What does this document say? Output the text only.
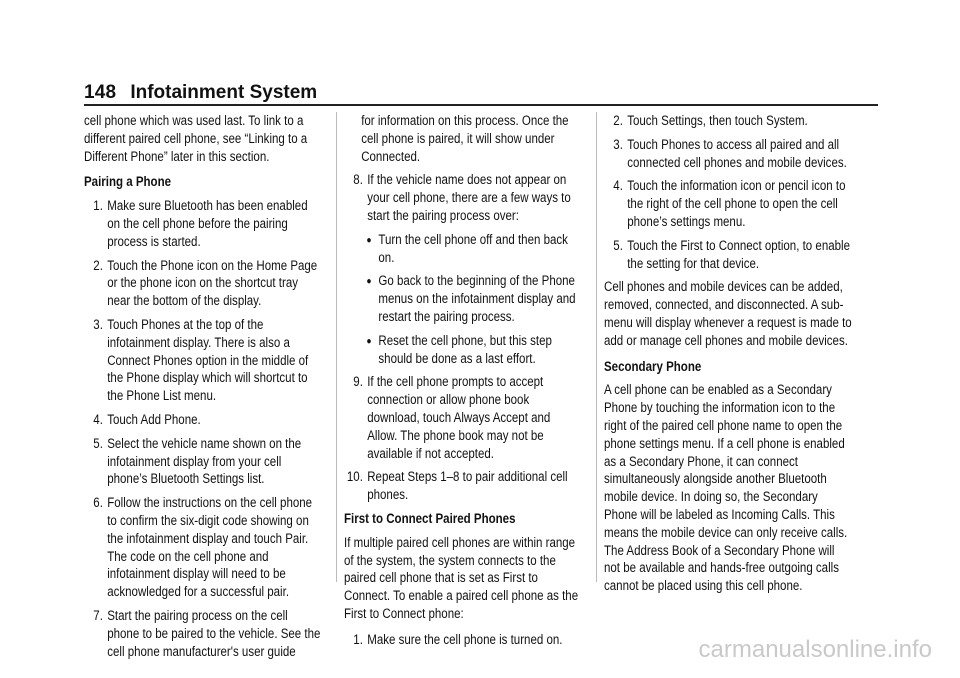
148 Infotainment System

cell phone which was used last. To link to a different paired cell phone, see “Linking to a Different Phone” later in this section.

Pairing a Phone

1. Make sure Bluetooth has been enabled on the cell phone before the pairing process is started.
2. Touch the Phone icon on the Home Page or the phone icon on the shortcut tray near the bottom of the display.
3. Touch Phones at the top of the infotainment display. There is also a Connect Phones option in the middle of the Phone display which will shortcut to the Phone List menu.
4. Touch Add Phone.
5. Select the vehicle name shown on the infotainment display from your cell phone’s Bluetooth Settings list.
6. Follow the instructions on the cell phone to confirm the six-digit code showing on the infotainment display and touch Pair. The code on the cell phone and infotainment display will need to be acknowledged for a successful pair.
7. Start the pairing process on the cell phone to be paired to the vehicle. See the cell phone manufacturer's user guide

for information on this process. Once the cell phone is paired, it will show under Connected.

8. If the vehicle name does not appear on your cell phone, there are a few ways to start the pairing process over:
● Turn the cell phone off and then back on.
● Go back to the beginning of the Phone menus on the infotainment display and restart the pairing process.
● Reset the cell phone, but this step should be done as a last effort.
9. If the cell phone prompts to accept connection or allow phone book download, touch Always Accept and Allow. The phone book may not be available if not accepted.
10. Repeat Steps 1–8 to pair additional cell phones.

First to Connect Paired Phones

If multiple paired cell phones are within range of the system, the system connects to the paired cell phone that is set as First to Connect. To enable a paired cell phone as the First to Connect phone:

1. Make sure the cell phone is turned on.
2. Touch Settings, then touch System.
3. Touch Phones to access all paired and all connected cell phones and mobile devices.
4. Touch the information icon or pencil icon to the right of the cell phone to open the cell phone’s settings menu.
5. Touch the First to Connect option, to enable the setting for that device.

Cell phones and mobile devices can be added, removed, connected, and disconnected. A sub-menu will display whenever a request is made to add or manage cell phones and mobile devices.

Secondary Phone

A cell phone can be enabled as a Secondary Phone by touching the information icon to the right of the paired cell phone name to open the phone settings menu. If a cell phone is enabled as a Secondary Phone, it can connect simultaneously alongside another Bluetooth mobile device. In doing so, the Secondary Phone will be labeled as Incoming Calls. This means the mobile device can only receive calls. The Address Book of a Secondary Phone will not be available and hands-free outgoing calls cannot be placed using this cell phone.

carmanualsonline.info
